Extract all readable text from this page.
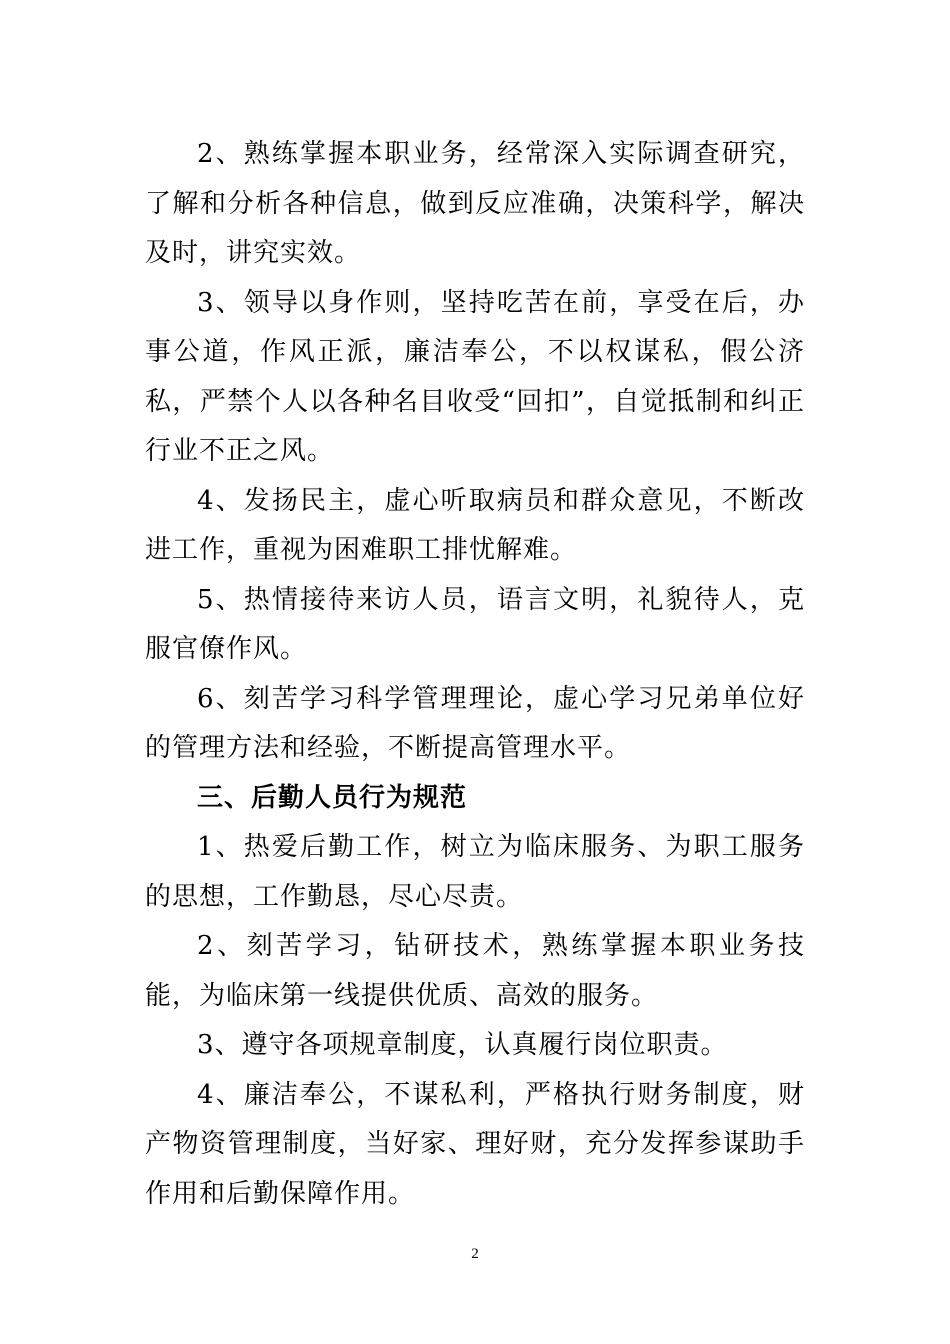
2、熟练掌握本职业务，经常深入实际调查研究，了解和分析各种信息，做到反应准确，决策科学，解决及时，讲究实效。

3、领导以身作则，坚持吃苦在前，享受在后，办事公道，作风正派，廉洁奉公，不以权谋私，假公济私，严禁个人以各种名目收受“回扣”，自觉抵制和纠正行业不正之风。

4、发扬民主，虚心听取病员和群众意见，不断改进工作，重视为困难职工排忧解难。

5、热情接待来访人员，语言文明，礼貌待人，克服官僚作风。

6、刻苦学习科学管理理论，虚心学习兄弟单位好的管理方法和经验，不断提高管理水平。

三、后勤人员行为规范

1、热爱后勤工作，树立为临床服务、为职工服务的思想，工作勤恳，尽心尽责。

2、刻苦学习，钻研技术，熟练掌握本职业务技能，为临床第一线提供优质、高效的服务。

3、遵守各项规章制度，认真履行岗位职责。

4、廉洁奉公，不谋私利，严格执行财务制度，财产物资管理制度，当好家、理好财，充分发挥参谋助手作用和后勤保障作用。

2
